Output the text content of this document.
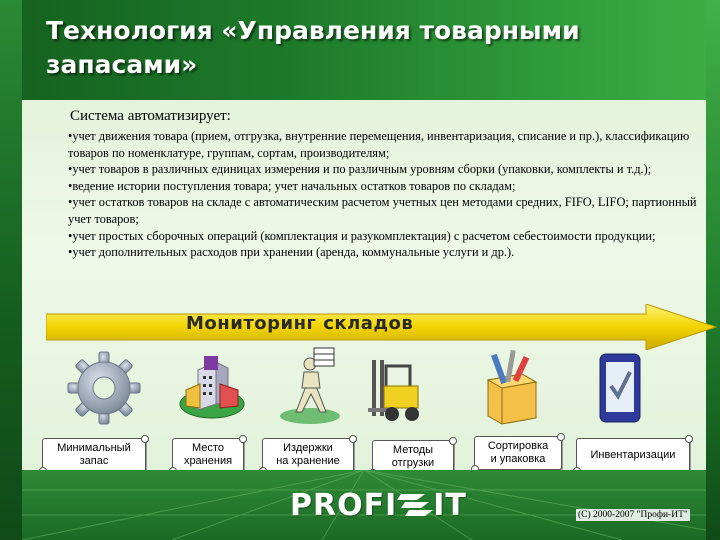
Технология «Управления товарными
запасами»
Система автоматизирует:

•учет движения товара (прием, отгрузка, внутренние перемещения, инвентаризация, списание и пр.), классификацию товаров по номенклатуре, группам, сортам, производителям;

•учет товаров в различных единицах измерения и по различным уровням сборки (упаковки, комплекты и т.д.);

•ведение истории поступления товара; учет начальных остатков товаров по складам;

•учет остатков товаров на складе с автоматическим расчетом учетных цен методами средних, FIFO, LIFO; партионный учет товаров;

•учет простых сборочных операций (комплектация и разукомплектация) с расчетом себестоимости продукции;

•учет дополнительных расходов при хранении (аренда, коммунальные услуги и др.).

Мониторинг складов
Минимальный
запас
Место
хранения
Издержки
на хранение
Методы
отгрузки
Сортировка
и упаковка	Инвентаризации
PROFI IT	(C) 2000-2007 "Профи-ИТ"
